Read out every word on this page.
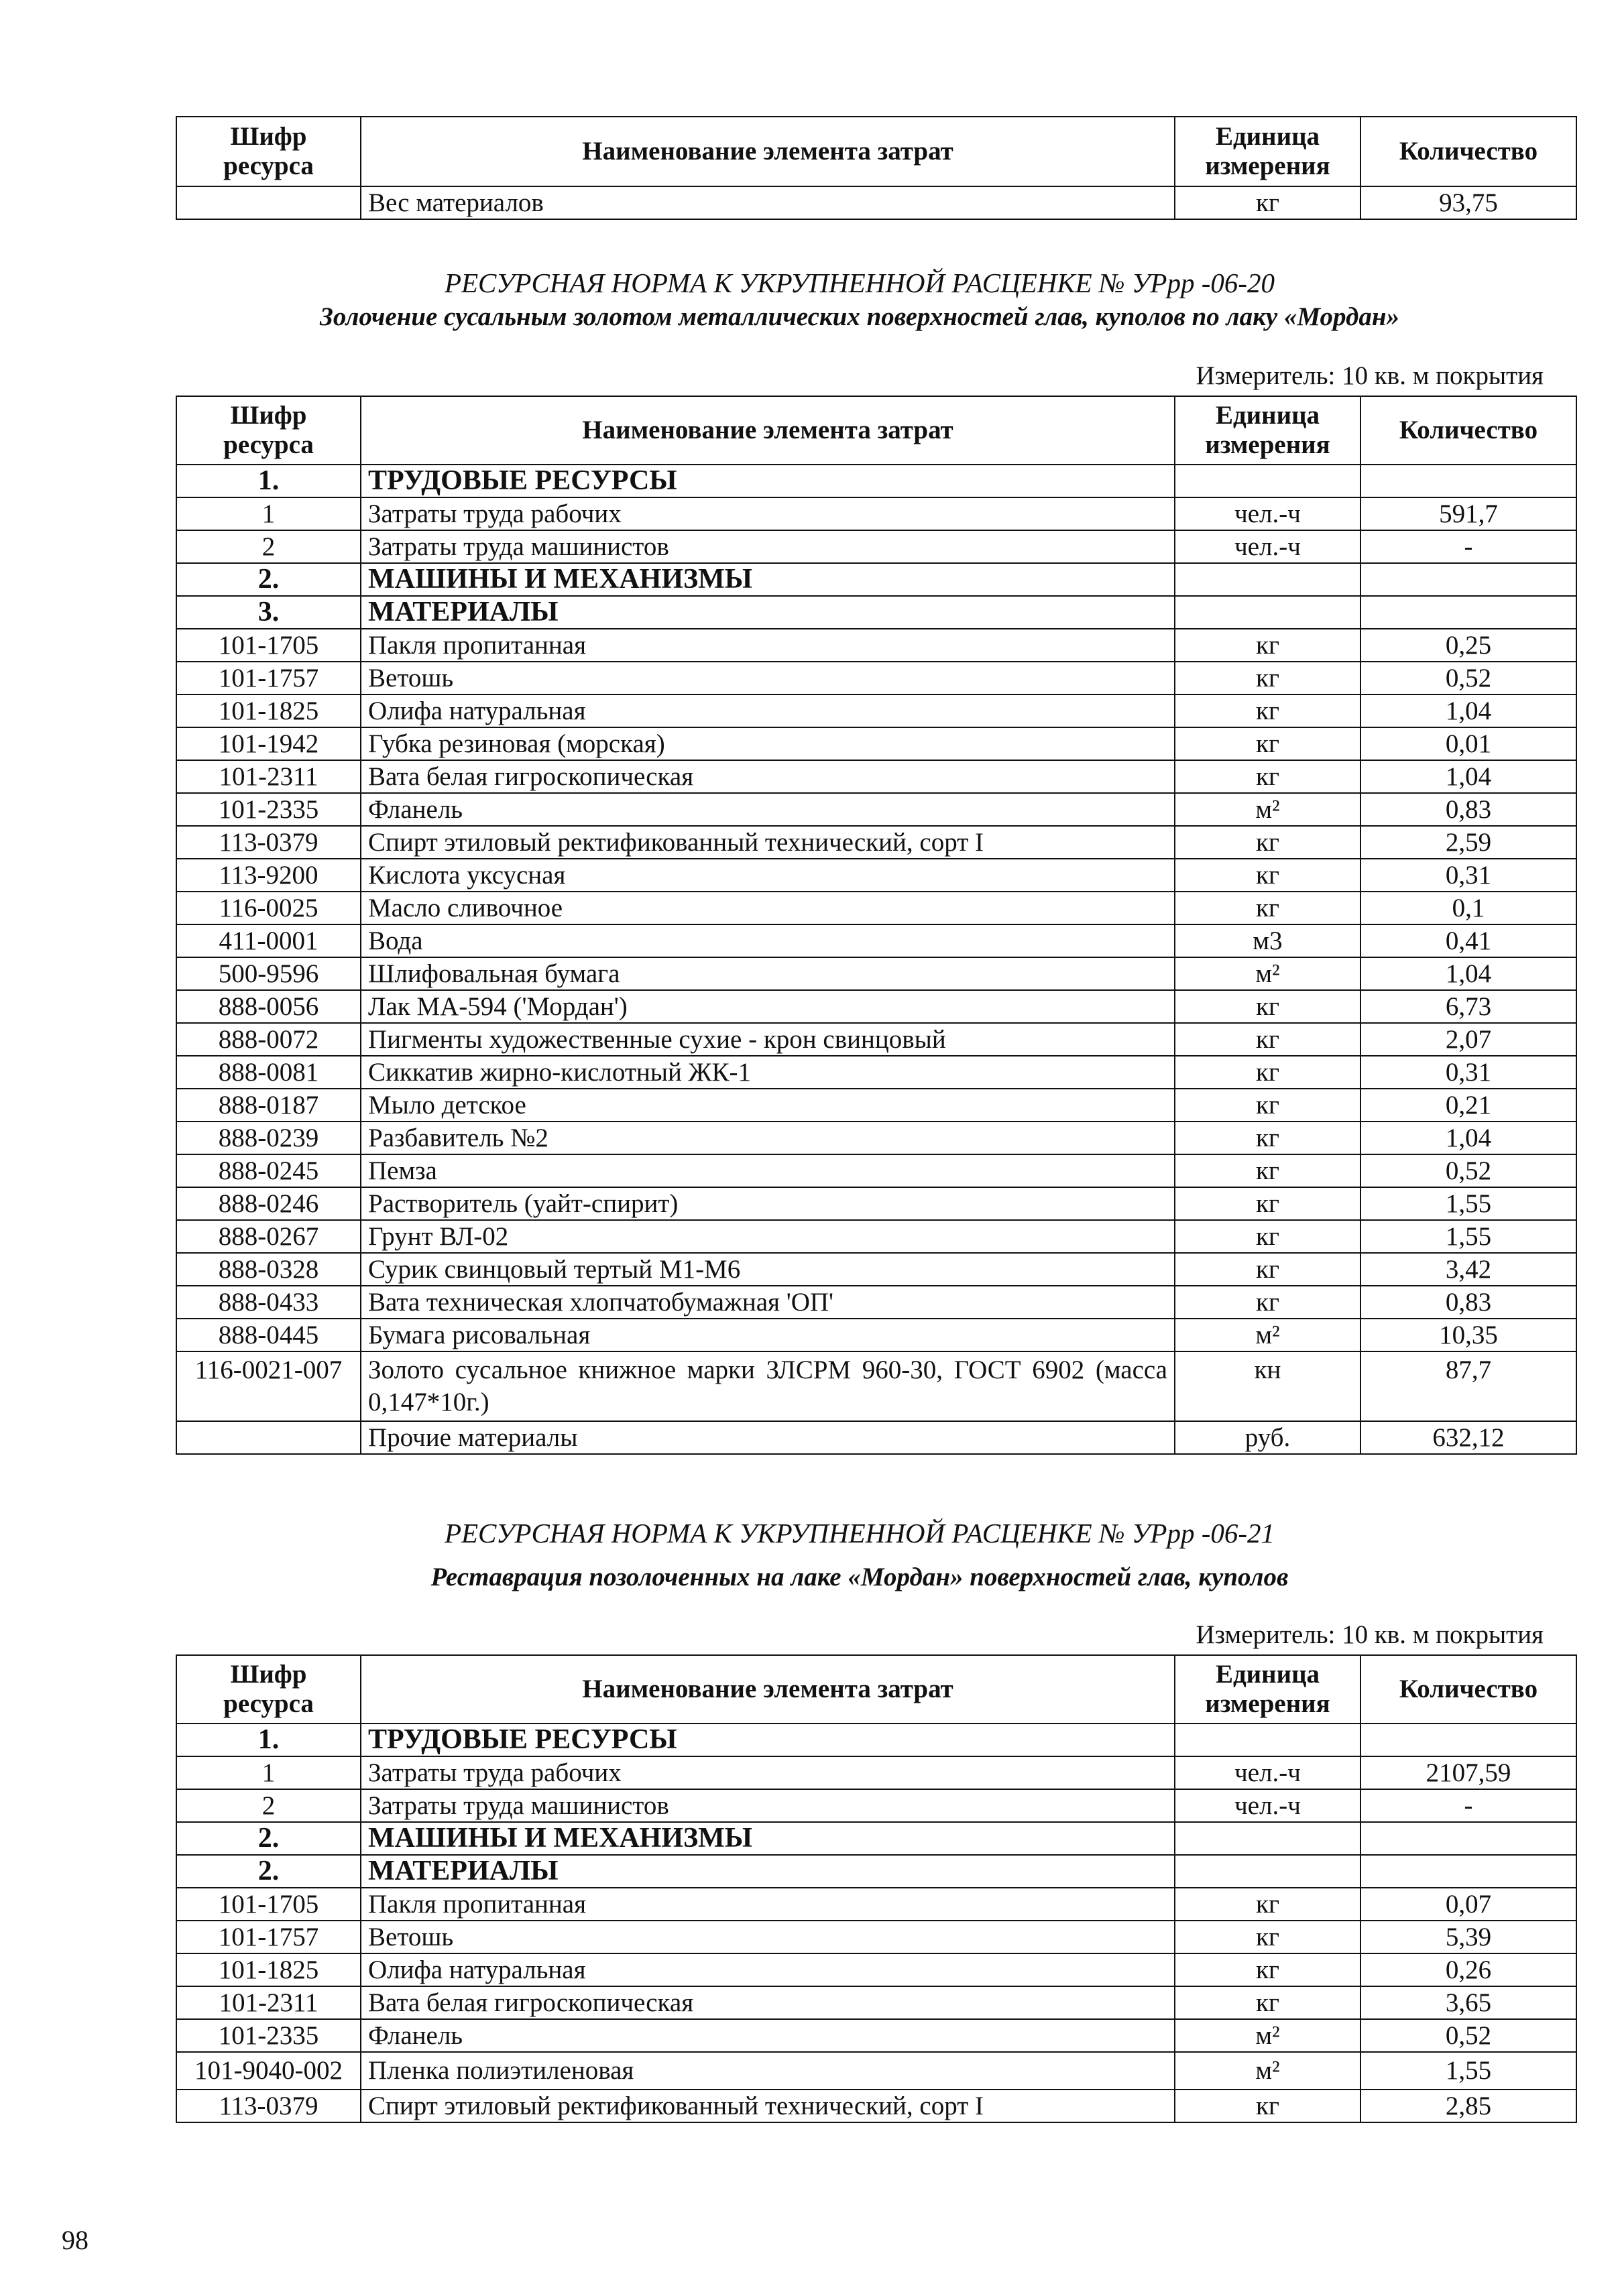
Шифр ресурса	Наименование элемента затрат	Единица измерения	Количество
	Вес материалов	кг	93,75
РЕСУРСНАЯ НОРМА К УКРУПНЕННОЙ РАСЦЕНКЕ № УРрр -06-20
Золочение сусальным золотом металлических поверхностей глав, куполов по лаку «Мордан»
Измеритель: 10 кв. м покрытия
Шифр ресурса	Наименование элемента затрат	Единица измерения	Количество
1.	ТРУДОВЫЕ РЕСУРСЫ		
1	Затраты труда рабочих	чел.-ч	591,7
2	Затраты труда машинистов	чел.-ч	-
2.	МАШИНЫ И МЕХАНИЗМЫ		
3.	МАТЕРИАЛЫ		
101-1705	Пакля пропитанная	кг	0,25
101-1757	Ветошь	кг	0,52
101-1825	Олифа натуральная	кг	1,04
101-1942	Губка резиновая (морская)	кг	0,01
101-2311	Вата белая гигроскопическая	кг	1,04
101-2335	Фланель	м²	0,83
113-0379	Спирт этиловый ректификованный технический, сорт I	кг	2,59
113-9200	Кислота уксусная	кг	0,31
116-0025	Масло сливочное	кг	0,1
411-0001	Вода	м3	0,41
500-9596	Шлифовальная бумага	м²	1,04
888-0056	Лак МА-594 ('Мордан')	кг	6,73
888-0072	Пигменты художественные сухие - крон свинцовый	кг	2,07
888-0081	Сиккатив жирно-кислотный ЖК-1	кг	0,31
888-0187	Мыло детское	кг	0,21
888-0239	Разбавитель №2	кг	1,04
888-0245	Пемза	кг	0,52
888-0246	Растворитель (уайт-спирит)	кг	1,55
888-0267	Грунт ВЛ-02	кг	1,55
888-0328	Сурик свинцовый тертый М1-М6	кг	3,42
888-0433	Вата техническая хлопчатобумажная 'ОП'	кг	0,83
888-0445	Бумага рисовальная	м²	10,35
116-0021-007	Золото сусальное книжное марки ЗЛСРМ 960-30, ГОСТ 6902 (масса 0,147*10г.)	кн	87,7
	Прочие материалы	руб.	632,12
РЕСУРСНАЯ НОРМА К УКРУПНЕННОЙ РАСЦЕНКЕ № УРрр -06-21
Реставрация позолоченных на лаке «Мордан» поверхностей глав, куполов
Измеритель: 10 кв. м покрытия
Шифр ресурса	Наименование элемента затрат	Единица измерения	Количество
1.	ТРУДОВЫЕ РЕСУРСЫ		
1	Затраты труда рабочих	чел.-ч	2107,59
2	Затраты труда машинистов	чел.-ч	-
2.	МАШИНЫ И МЕХАНИЗМЫ		
2.	МАТЕРИАЛЫ		
101-1705	Пакля пропитанная	кг	0,07
101-1757	Ветошь	кг	5,39
101-1825	Олифа натуральная	кг	0,26
101-2311	Вата белая гигроскопическая	кг	3,65
101-2335	Фланель	м²	0,52
101-9040-002	Пленка полиэтиленовая	м²	1,55
113-0379	Спирт этиловый ректификованный технический, сорт I	кг	2,85
98
